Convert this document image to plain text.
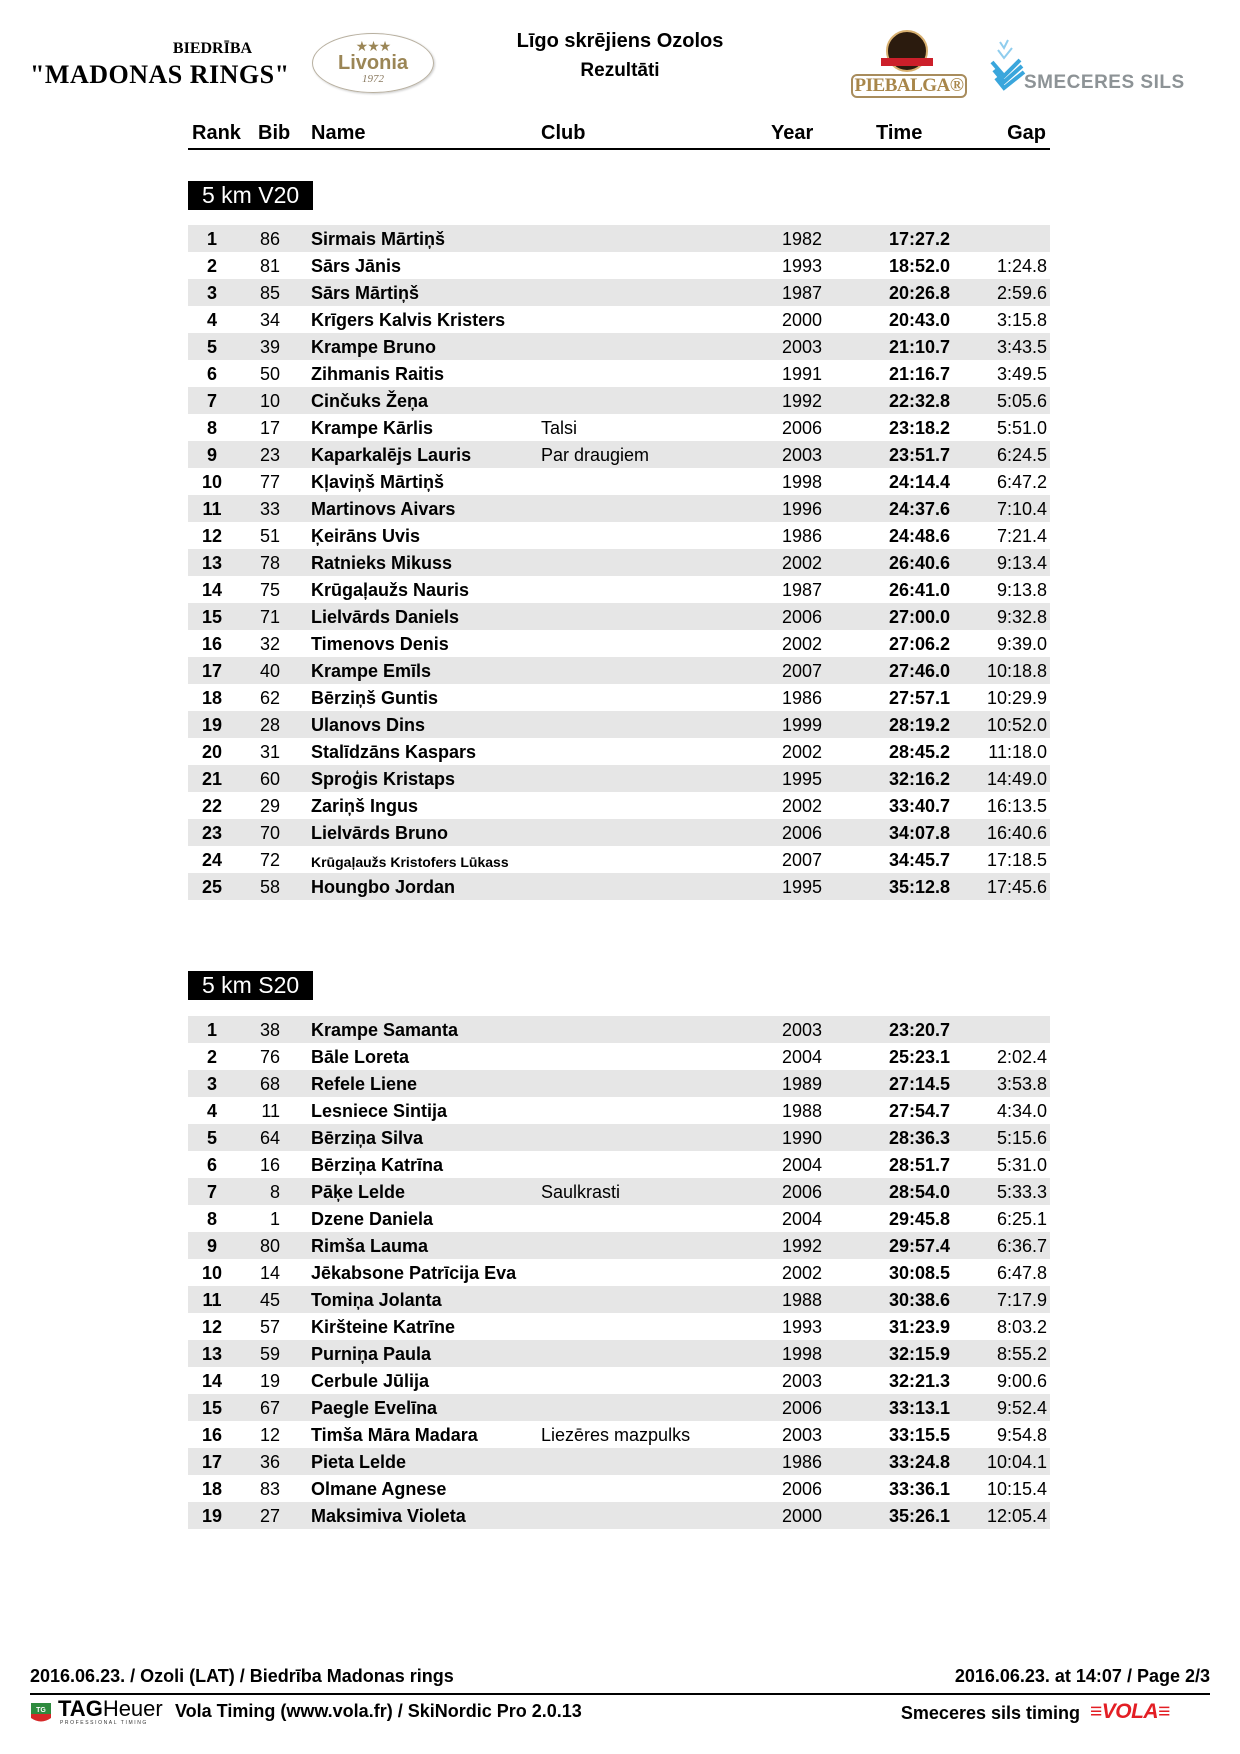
BIEDRĪBA
"MADONAS RINGS"
★★★
Livonia
1972
Līgo skrējiens Ozolos
Rezultāti
PIEBALGA®	SMECERES SILS
Rank Bib Name	Club	Year	Time	Gap
5 km V20
1	86 Sirmais Mārtiņš	1982	17:27.2
2	81 Sārs Jānis	1993	18:52.0	1:24.8
3	85 Sārs Mārtiņš	1987	20:26.8	2:59.6
4	34 Krīgers Kalvis Kristers	2000	20:43.0	3:15.8
5	39 Krampe Bruno	2003	21:10.7	3:43.5
6	50 Zihmanis Raitis	1991	21:16.7	3:49.5
7	10 Cinčuks Žeņa	1992	22:32.8	5:05.6
8	17 Krampe Kārlis	Talsi	2006	23:18.2	5:51.0
9	23 Kaparkalējs Lauris	Par draugiem	2003	23:51.7	6:24.5
10	77 Kļaviņš Mārtiņš	1998	24:14.4	6:47.2
11	33 Martinovs Aivars	1996	24:37.6	7:10.4
12	51 Ķeirāns Uvis	1986	24:48.6	7:21.4
13	78 Ratnieks Mikuss	2002	26:40.6	9:13.4
14	75 Krūgaļaužs Nauris	1987	26:41.0	9:13.8
15	71 Lielvārds Daniels	2006	27:00.0	9:32.8
16	32 Timenovs Denis	2002	27:06.2	9:39.0
17	40 Krampe Emīls	2007	27:46.0	10:18.8
18	62 Bērziņš Guntis	1986	27:57.1	10:29.9
19	28 Ulanovs Dins	1999	28:19.2	10:52.0
20	31 Stalīdzāns Kaspars	2002	28:45.2	11:18.0
21	60 Sproģis Kristaps	1995	32:16.2	14:49.0
22	29 Zariņš Ingus	2002	33:40.7	16:13.5
23	70 Lielvārds Bruno	2006	34:07.8	16:40.6
24	72 Krūgaļaužs Kristofers Lūkass	2007	34:45.7	17:18.5
25	58 Houngbo Jordan	1995	35:12.8	17:45.6
5 km S20
1	38 Krampe Samanta	2003	23:20.7
2	76 Bāle Loreta	2004	25:23.1	2:02.4
3	68 Refele Liene	1989	27:14.5	3:53.8
4	11 Lesniece Sintija	1988	27:54.7	4:34.0
5	64 Bērziņa Silva	1990	28:36.3	5:15.6
6	16 Bērziņa Katrīna	2004	28:51.7	5:31.0
7	8 Pāķe Lelde	Saulkrasti	2006	28:54.0	5:33.3
8	1 Dzene Daniela	2004	29:45.8	6:25.1
9	80 Rimša Lauma	1992	29:57.4	6:36.7
10	14 Jēkabsone Patrīcija Eva	2002	30:08.5	6:47.8
11	45 Tomiņa Jolanta	1988	30:38.6	7:17.9
12	57 Kiršteine Katrīne	1993	31:23.9	8:03.2
13	59 Purniņa Paula	1998	32:15.9	8:55.2
14	19 Cerbule Jūlija	2003	32:21.3	9:00.6
15	67 Paegle Evelīna	2006	33:13.1	9:52.4
16	12 Timša Māra Madara	Liezēres mazpulks	2003	33:15.5	9:54.8
17	36 Pieta Lelde	1986	33:24.8	10:04.1
18	83 Olmane Agnese	2006	33:36.1	10:15.4
19	27 Maksimiva Violeta	2000	35:26.1	12:05.4
2016.06.23. / Ozoli (LAT) / Biedrība Madonas rings	2016.06.23. at 14:07 / Page 2/3
TG TAGHeuer
PROFESSIONAL TIMING
Vola Timing (www.vola.fr) / SkiNordic Pro 2.0.13	Smeceres sils timing ≡VOLA≡
